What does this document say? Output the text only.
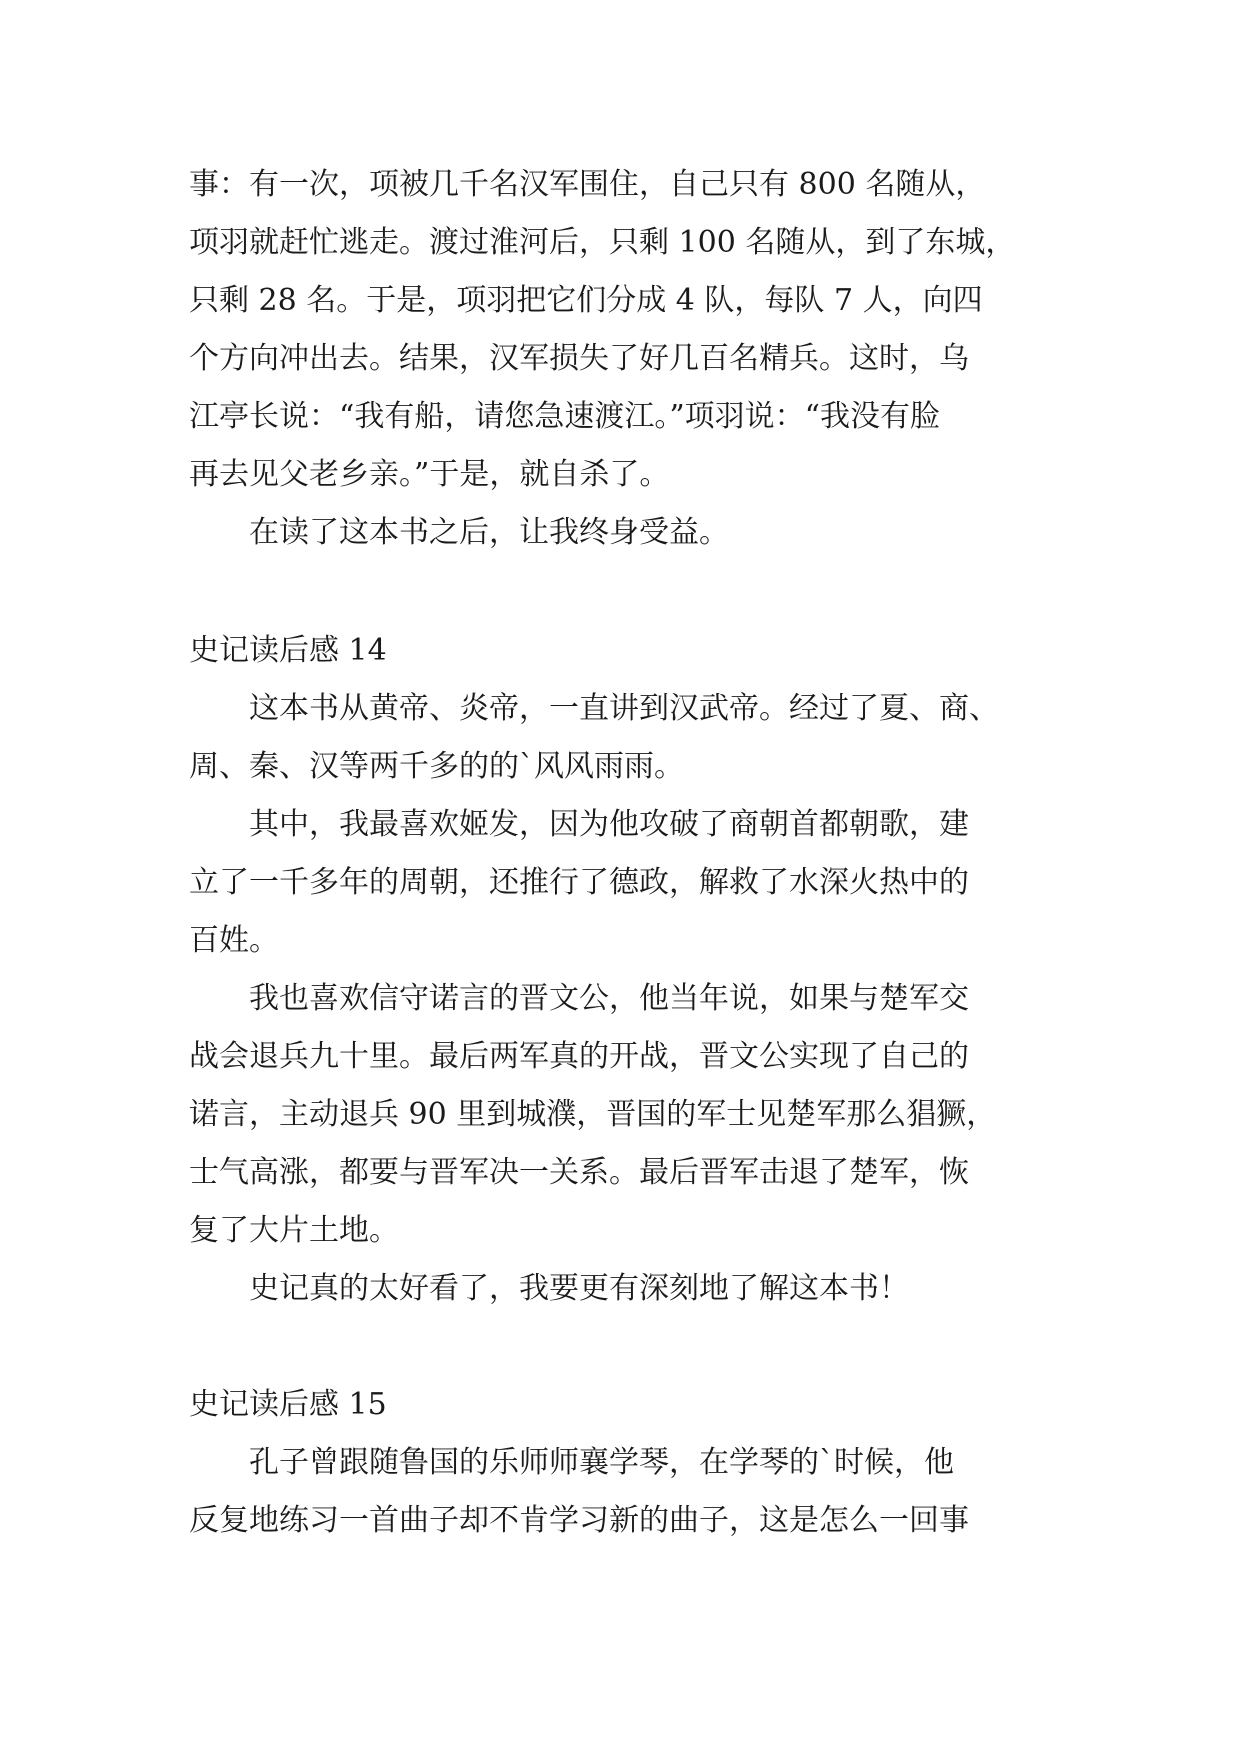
事：有一次，项被几千名汉军围住，自己只有 800 名随从，
项羽就赶忙逃走。渡过淮河后，只剩 100 名随从，到了东城，
只剩 28 名。于是，项羽把它们分成 4 队，每队 7 人，向四
个方向冲出去。结果，汉军损失了好几百名精兵。这时，乌
江亭长说：“我有船，请您急速渡江。”项羽说：“我没有脸
再去见父老乡亲。”于是，就自杀了。
在读了这本书之后，让我终身受益。
史记读后感 14
这本书从黄帝、炎帝，一直讲到汉武帝。经过了夏、商、
周、秦、汉等两千多的的`风风雨雨。
其中，我最喜欢姬发，因为他攻破了商朝首都朝歌，建
立了一千多年的周朝，还推行了德政，解救了水深火热中的
百姓。
我也喜欢信守诺言的晋文公，他当年说，如果与楚军交
战会退兵九十里。最后两军真的开战，晋文公实现了自己的
诺言，主动退兵 90 里到城濮，晋国的军士见楚军那么猖獗，
士气高涨，都要与晋军决一关系。最后晋军击退了楚军，恢
复了大片土地。
史记真的太好看了，我要更有深刻地了解这本书！
史记读后感 15
孔子曾跟随鲁国的乐师师襄学琴，在学琴的`时候，他
反复地练习一首曲子却不肯学习新的曲子，这是怎么一回事
